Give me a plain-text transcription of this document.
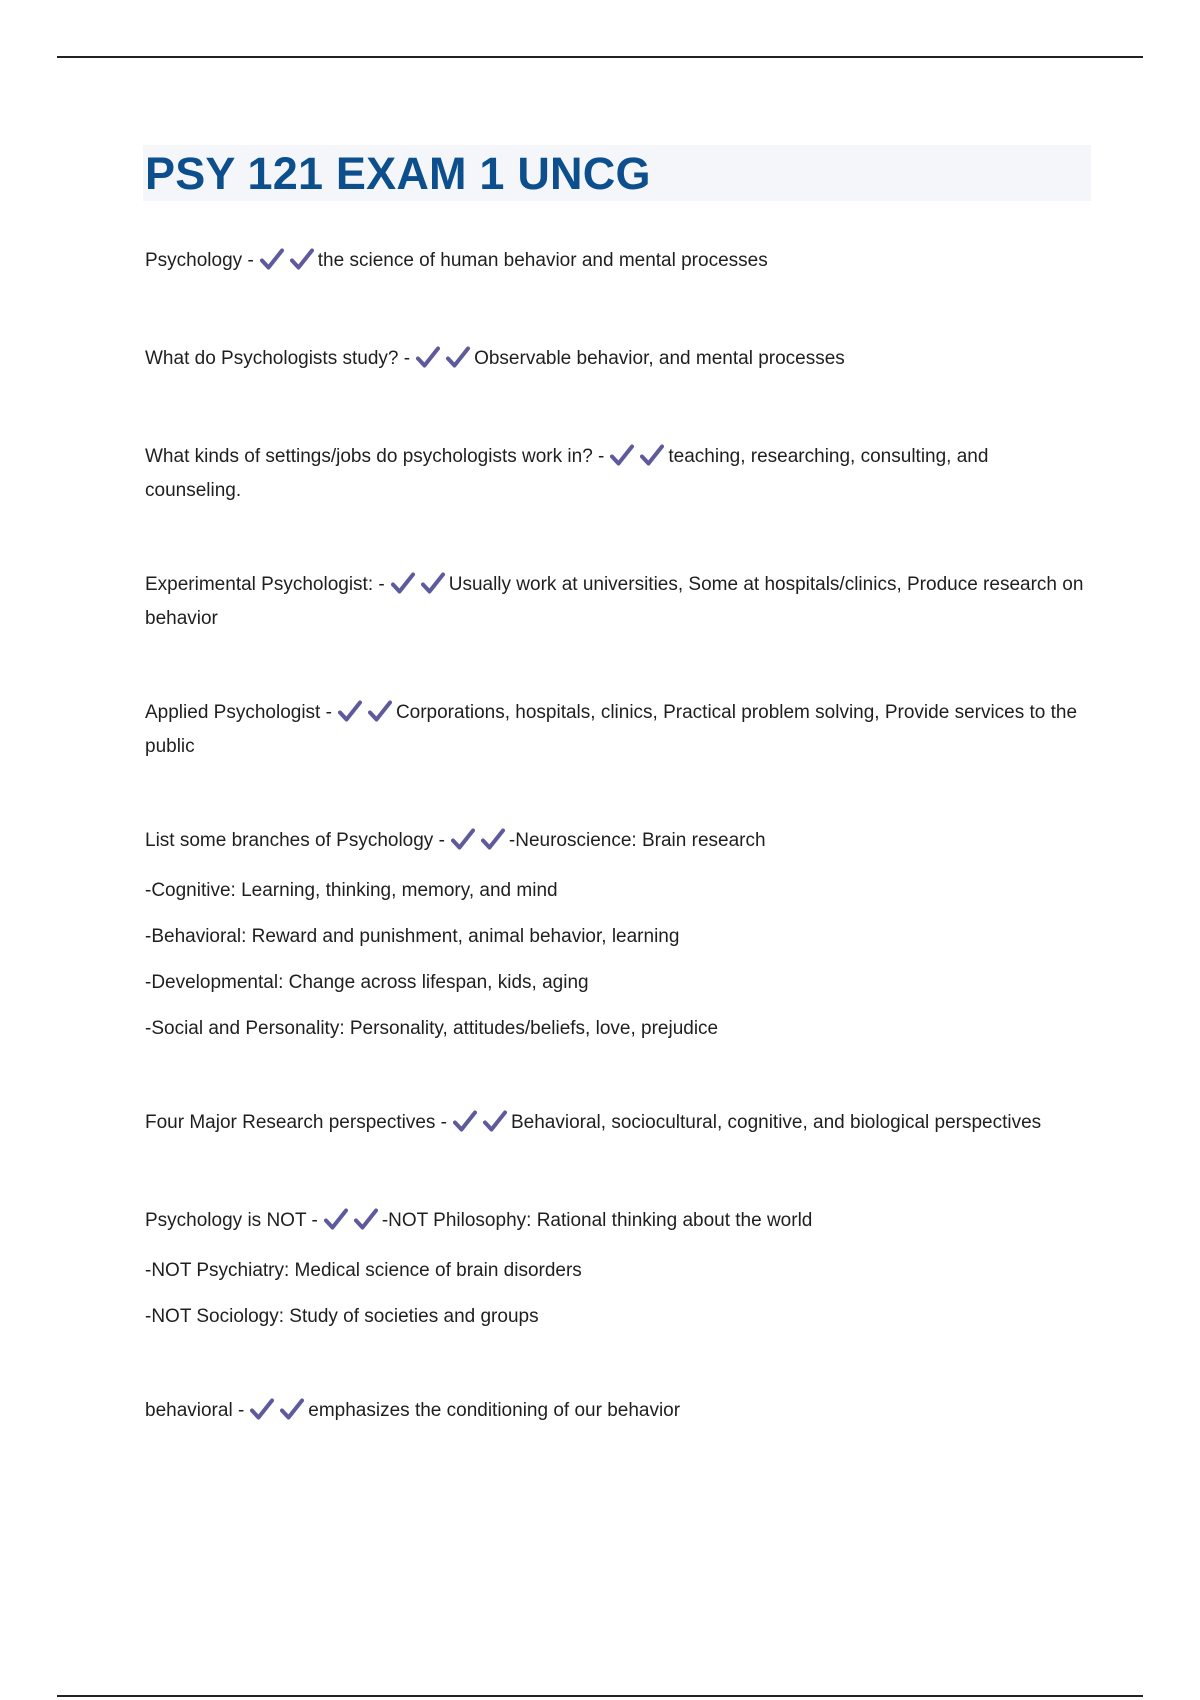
PSY 121 EXAM 1 UNCG

Psychology -	the science of human behavior and mental processes

What do Psychologists study? -	Observable behavior, and mental processes

What kinds of settings/jobs do psychologists work in? -	teaching, researching, consulting, and counseling.

Experimental Psychologist: -	Usually work at universities, Some at hospitals/clinics, Produce research on behavior

Applied Psychologist -	Corporations, hospitals, clinics, Practical problem solving, Provide services to the public

List some branches of Psychology -	-Neuroscience: Brain research

-Cognitive: Learning, thinking, memory, and mind

-Behavioral: Reward and punishment, animal behavior, learning

-Developmental: Change across lifespan, kids, aging

-Social and Personality: Personality, attitudes/beliefs, love, prejudice

Four Major Research perspectives -	Behavioral, sociocultural, cognitive, and biological perspectives

Psychology is NOT -	-NOT Philosophy: Rational thinking about the world

-NOT Psychiatry: Medical science of brain disorders

-NOT Sociology: Study of societies and groups

behavioral -	emphasizes the conditioning of our behavior
